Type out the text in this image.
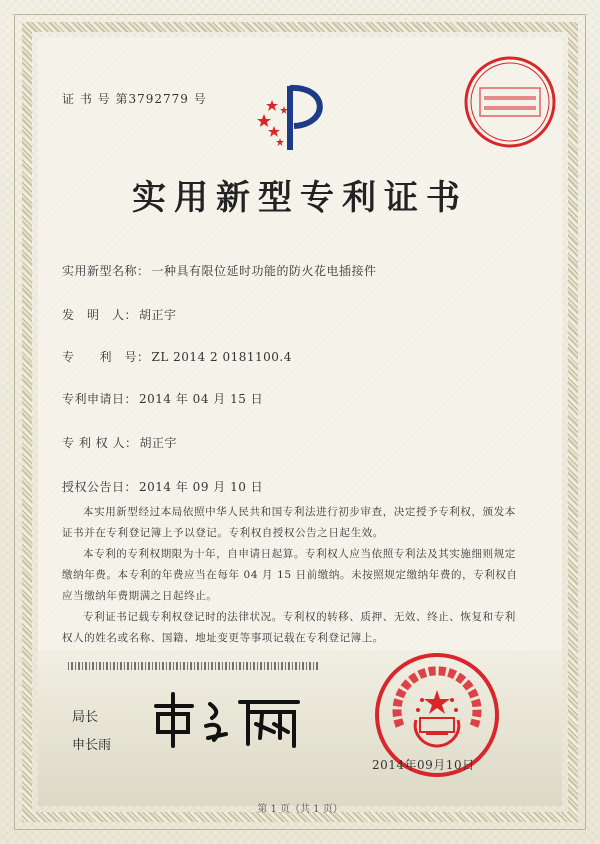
证 书 号 第3792779 号
实用新型专利证书
实用新型名称： 一种具有限位延时功能的防火花电插接件
发　明　人： 胡正宇
专　　利　号： ZL 2014 2 0181100.4
专利申请日： 2014 年 04 月 15 日
专 利 权 人： 胡正宇
授权公告日： 2014 年 09 月 10 日

本实用新型经过本局依照中华人民共和国专利法进行初步审查，决定授予专利权，颁发本证书并在专利登记簿上予以登记。专利权自授权公告之日起生效。

本专利的专利权期限为十年，自申请日起算。专利权人应当依照专利法及其实施细则规定缴纳年费。本专利的年费应当在每年 04 月 15 日前缴纳。未按照规定缴纳年费的，专利权自应当缴纳年费期满之日起终止。

专利证书记载专利权登记时的法律状况。专利权的转移、质押、无效、终止、恢复和专利权人的姓名或名称、国籍、地址变更等事项记载在专利登记簿上。

局长
申长雨
2014年09月10日
第 1 页（共 1 页）
